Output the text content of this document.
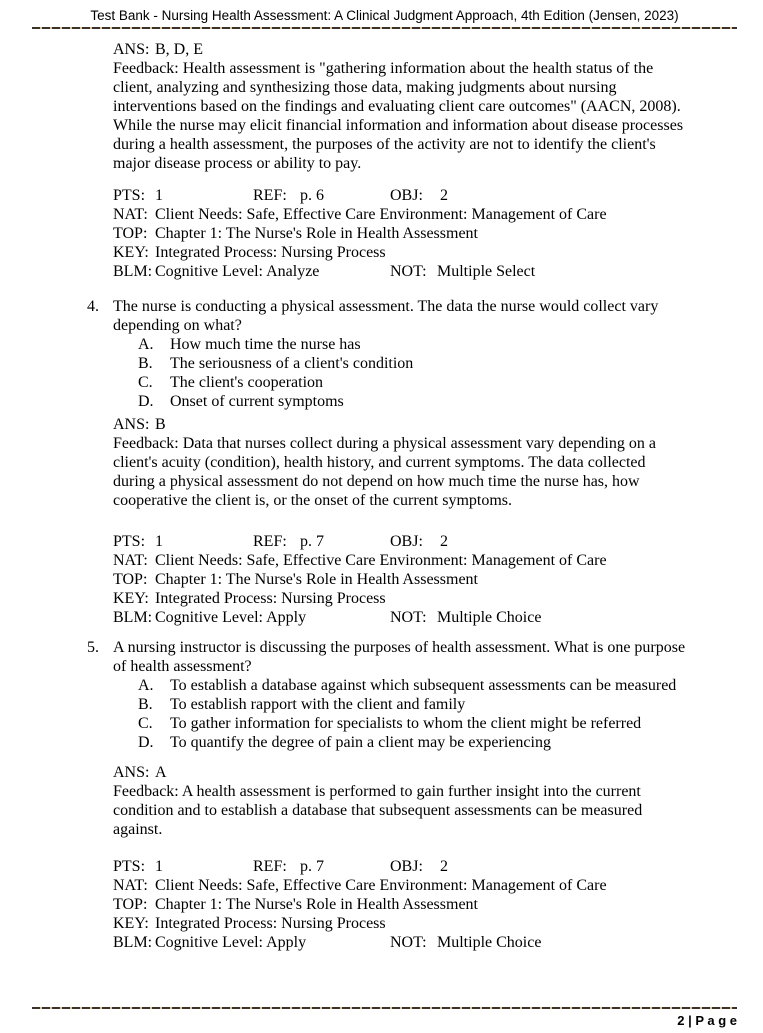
Test Bank - Nursing Health Assessment: A Clinical Judgment Approach, 4th Edition (Jensen, 2023)
ANS: B, D, E
Feedback: Health assessment is "gathering information about the health status of the client, analyzing and synthesizing those data, making judgments about nursing interventions based on the findings and evaluating client care outcomes" (AACN, 2008). While the nurse may elicit financial information and information about disease processes during a health assessment, the purposes of the activity are not to identify the client's major disease process or ability to pay.
PTS: 1	REF: p. 6	OBJ:	2
NAT: Client Needs: Safe, Effective Care Environment: Management of Care
TOP: Chapter 1: The Nurse's Role in Health Assessment
KEY: Integrated Process: Nursing Process
BLM: Cognitive Level: Analyze	NOT: Multiple Select
4. The nurse is conducting a physical assessment. The data the nurse would collect vary depending on what?
A.	How much time the nurse has
B.	The seriousness of a client's condition
C.	The client's cooperation
D.	Onset of current symptoms
ANS: B
Feedback: Data that nurses collect during a physical assessment vary depending on a client's acuity (condition), health history, and current symptoms. The data collected during a physical assessment do not depend on how much time the nurse has, how cooperative the client is, or the onset of the current symptoms.
PTS: 1	REF: p. 7	OBJ:	2
NAT: Client Needs: Safe, Effective Care Environment: Management of Care
TOP: Chapter 1: The Nurse's Role in Health Assessment
KEY: Integrated Process: Nursing Process
BLM: Cognitive Level: Apply	NOT: Multiple Choice
5. A nursing instructor is discussing the purposes of health assessment. What is one purpose of health assessment?
A.	To establish a database against which subsequent assessments can be measured
B.	To establish rapport with the client and family
C.	To gather information for specialists to whom the client might be referred
D.	To quantify the degree of pain a client may be experiencing
ANS: A
Feedback: A health assessment is performed to gain further insight into the current condition and to establish a database that subsequent assessments can be measured against.
PTS: 1	REF: p. 7	OBJ:	2
NAT: Client Needs: Safe, Effective Care Environment: Management of Care
TOP: Chapter 1: The Nurse's Role in Health Assessment
KEY: Integrated Process: Nursing Process
BLM: Cognitive Level: Apply	NOT: Multiple Choice
2 | P a g e
